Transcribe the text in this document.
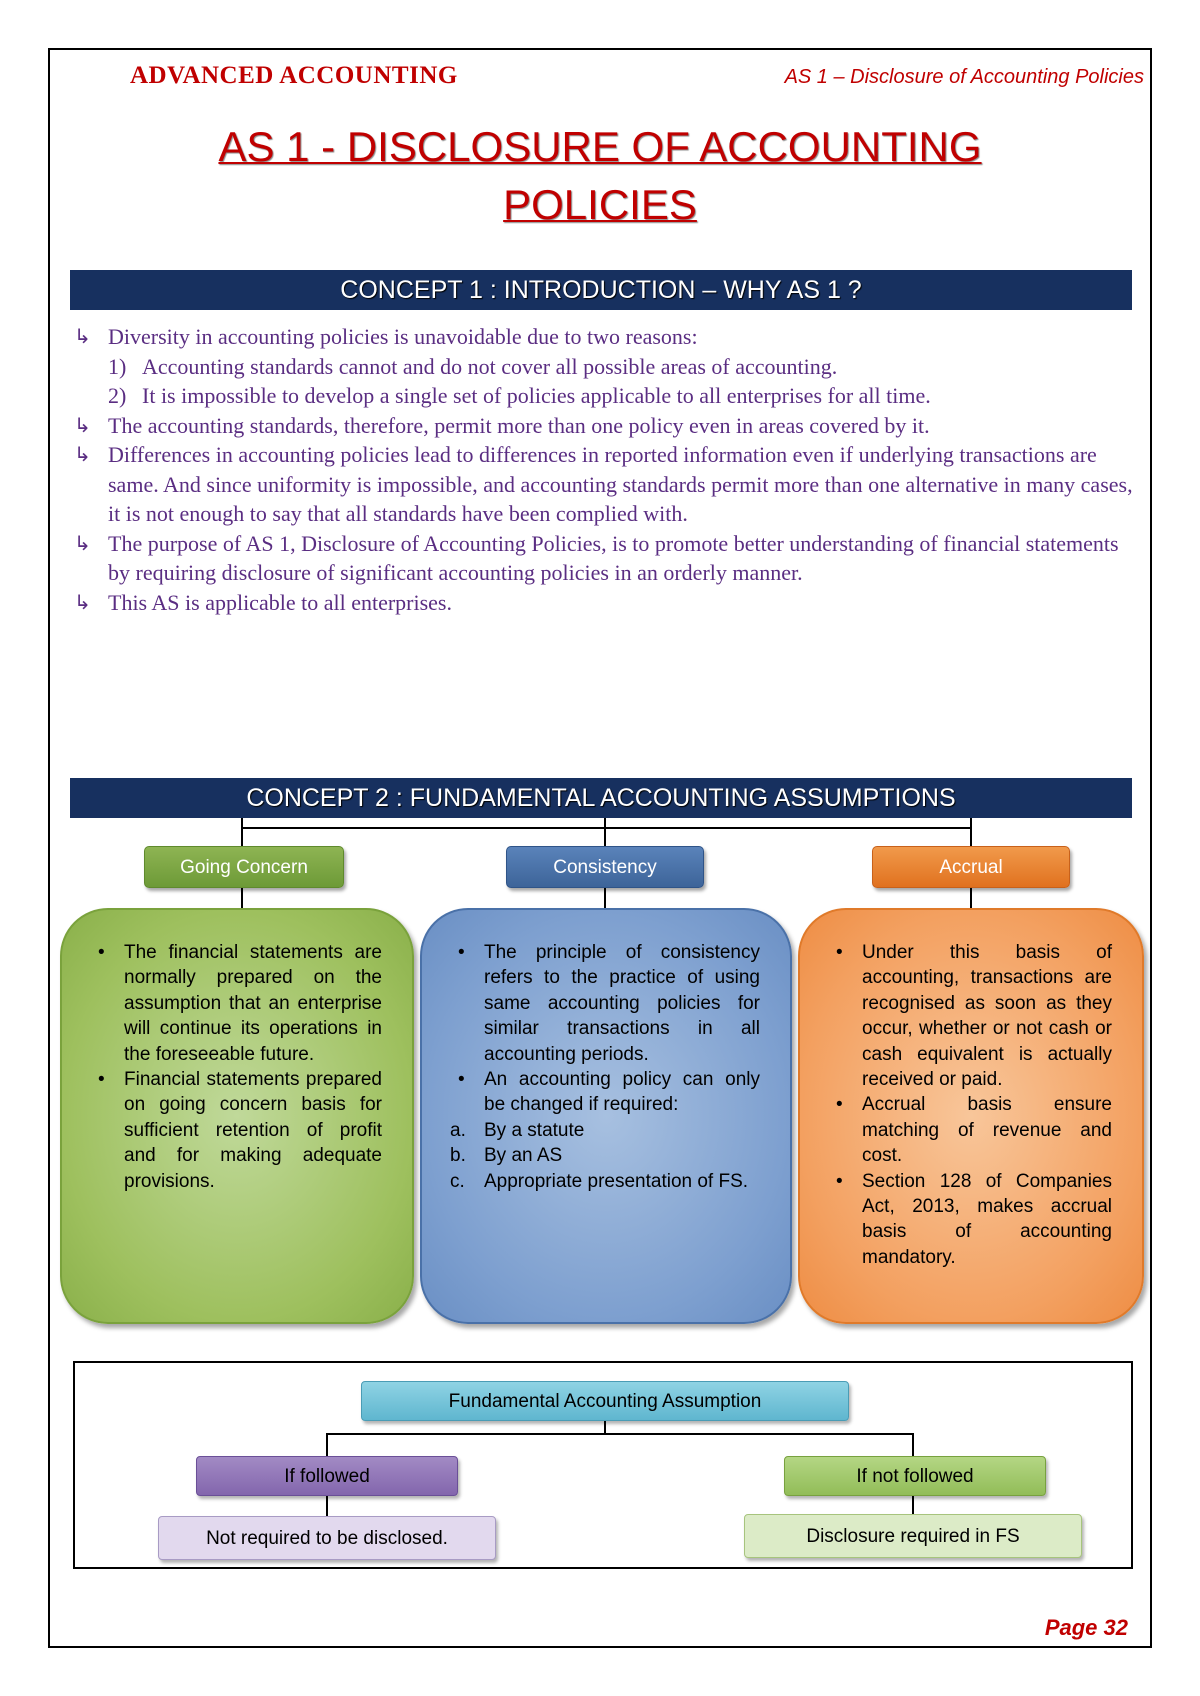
ADVANCED ACCOUNTING	AS 1 – Disclosure of Accounting Policies
AS 1 - DISCLOSURE OF ACCOUNTING
POLICIES
CONCEPT 1 : INTRODUCTION – WHY AS 1 ?
↳ Diversity in accounting policies is unavoidable due to two reasons:
1) Accounting standards cannot and do not cover all possible areas of accounting.
2) It is impossible to develop a single set of policies applicable to all enterprises for all time.
↳ The accounting standards, therefore, permit more than one policy even in areas covered by it.
↳ Differences in accounting policies lead to differences in reported information even if underlying transactions are same. And since uniformity is impossible, and accounting standards permit more than one alternative in many cases, it is not enough to say that all standards have been complied with.
↳ The purpose of AS 1, Disclosure of Accounting Policies, is to promote better understanding of financial statements by requiring disclosure of significant accounting policies in an orderly manner.
↳ This AS is applicable to all enterprises.
CONCEPT 2 : FUNDAMENTAL ACCOUNTING ASSUMPTIONS
Going Concern	Consistency	Accrual
• The financial statements are normally prepared on the assumption that an enterprise will continue its operations in the foreseeable future.
• Financial statements prepared on going concern basis for sufficient retention of profit and for making adequate provisions.
• The principle of consistency refers to the practice of using same accounting policies for similar transactions in all accounting periods.
• An accounting policy can only be changed if required:
a. By a statute
b. By an AS
c. Appropriate presentation of FS.
• Under this basis of accounting, transactions are recognised as soon as they occur, whether or not cash or cash equivalent is actually received or paid.
• Accrual basis ensure matching of revenue and cost.
• Section 128 of Companies Act, 2013, makes accrual basis of accounting mandatory.
Fundamental Accounting Assumption
If followed	If not followed
Not required to be disclosed.	Disclosure required in FS
Page 32
